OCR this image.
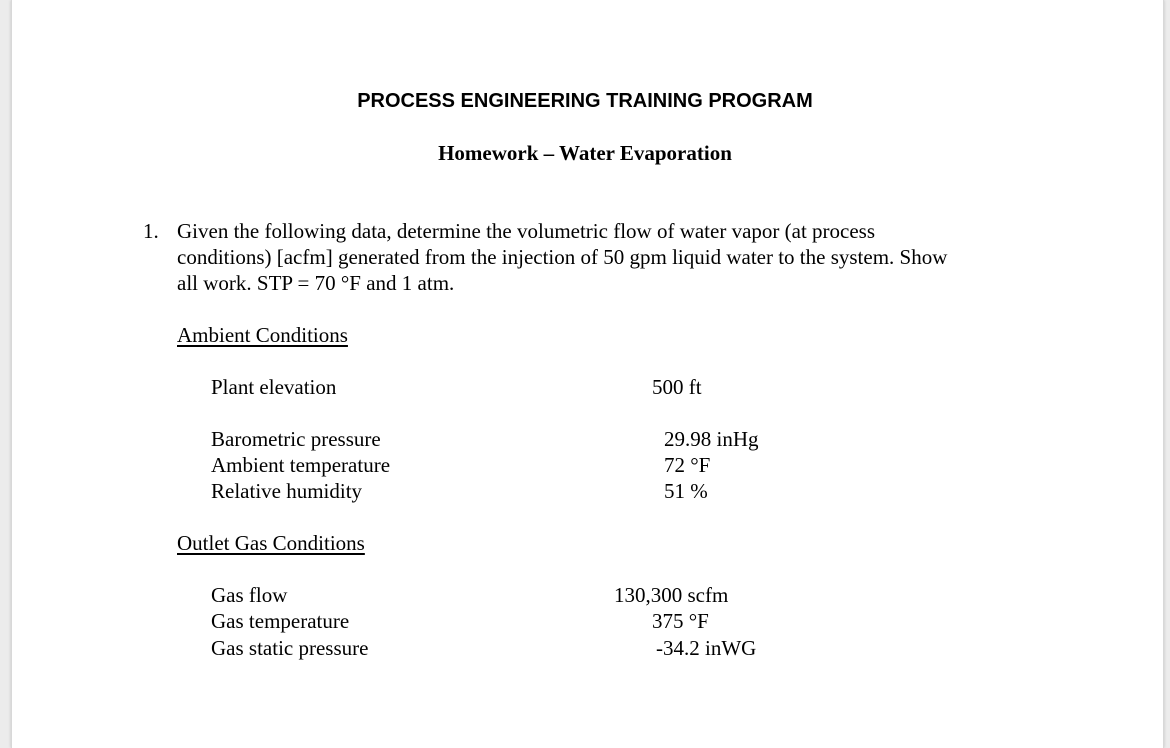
PROCESS ENGINEERING TRAINING PROGRAM
Homework – Water Evaporation
1. Given the following data, determine the volumetric flow of water vapor (at process
conditions) [acfm] generated from the injection of 50 gpm liquid water to the system. Show
all work. STP = 70 °F and 1 atm.
Ambient Conditions
Plant elevation	500 ft
Barometric pressure	29.98 inHg
Ambient temperature	72 °F
Relative humidity	51 %
Outlet Gas Conditions
Gas flow	130,300 scfm
Gas temperature	375 °F
Gas static pressure	-34.2 inWG
